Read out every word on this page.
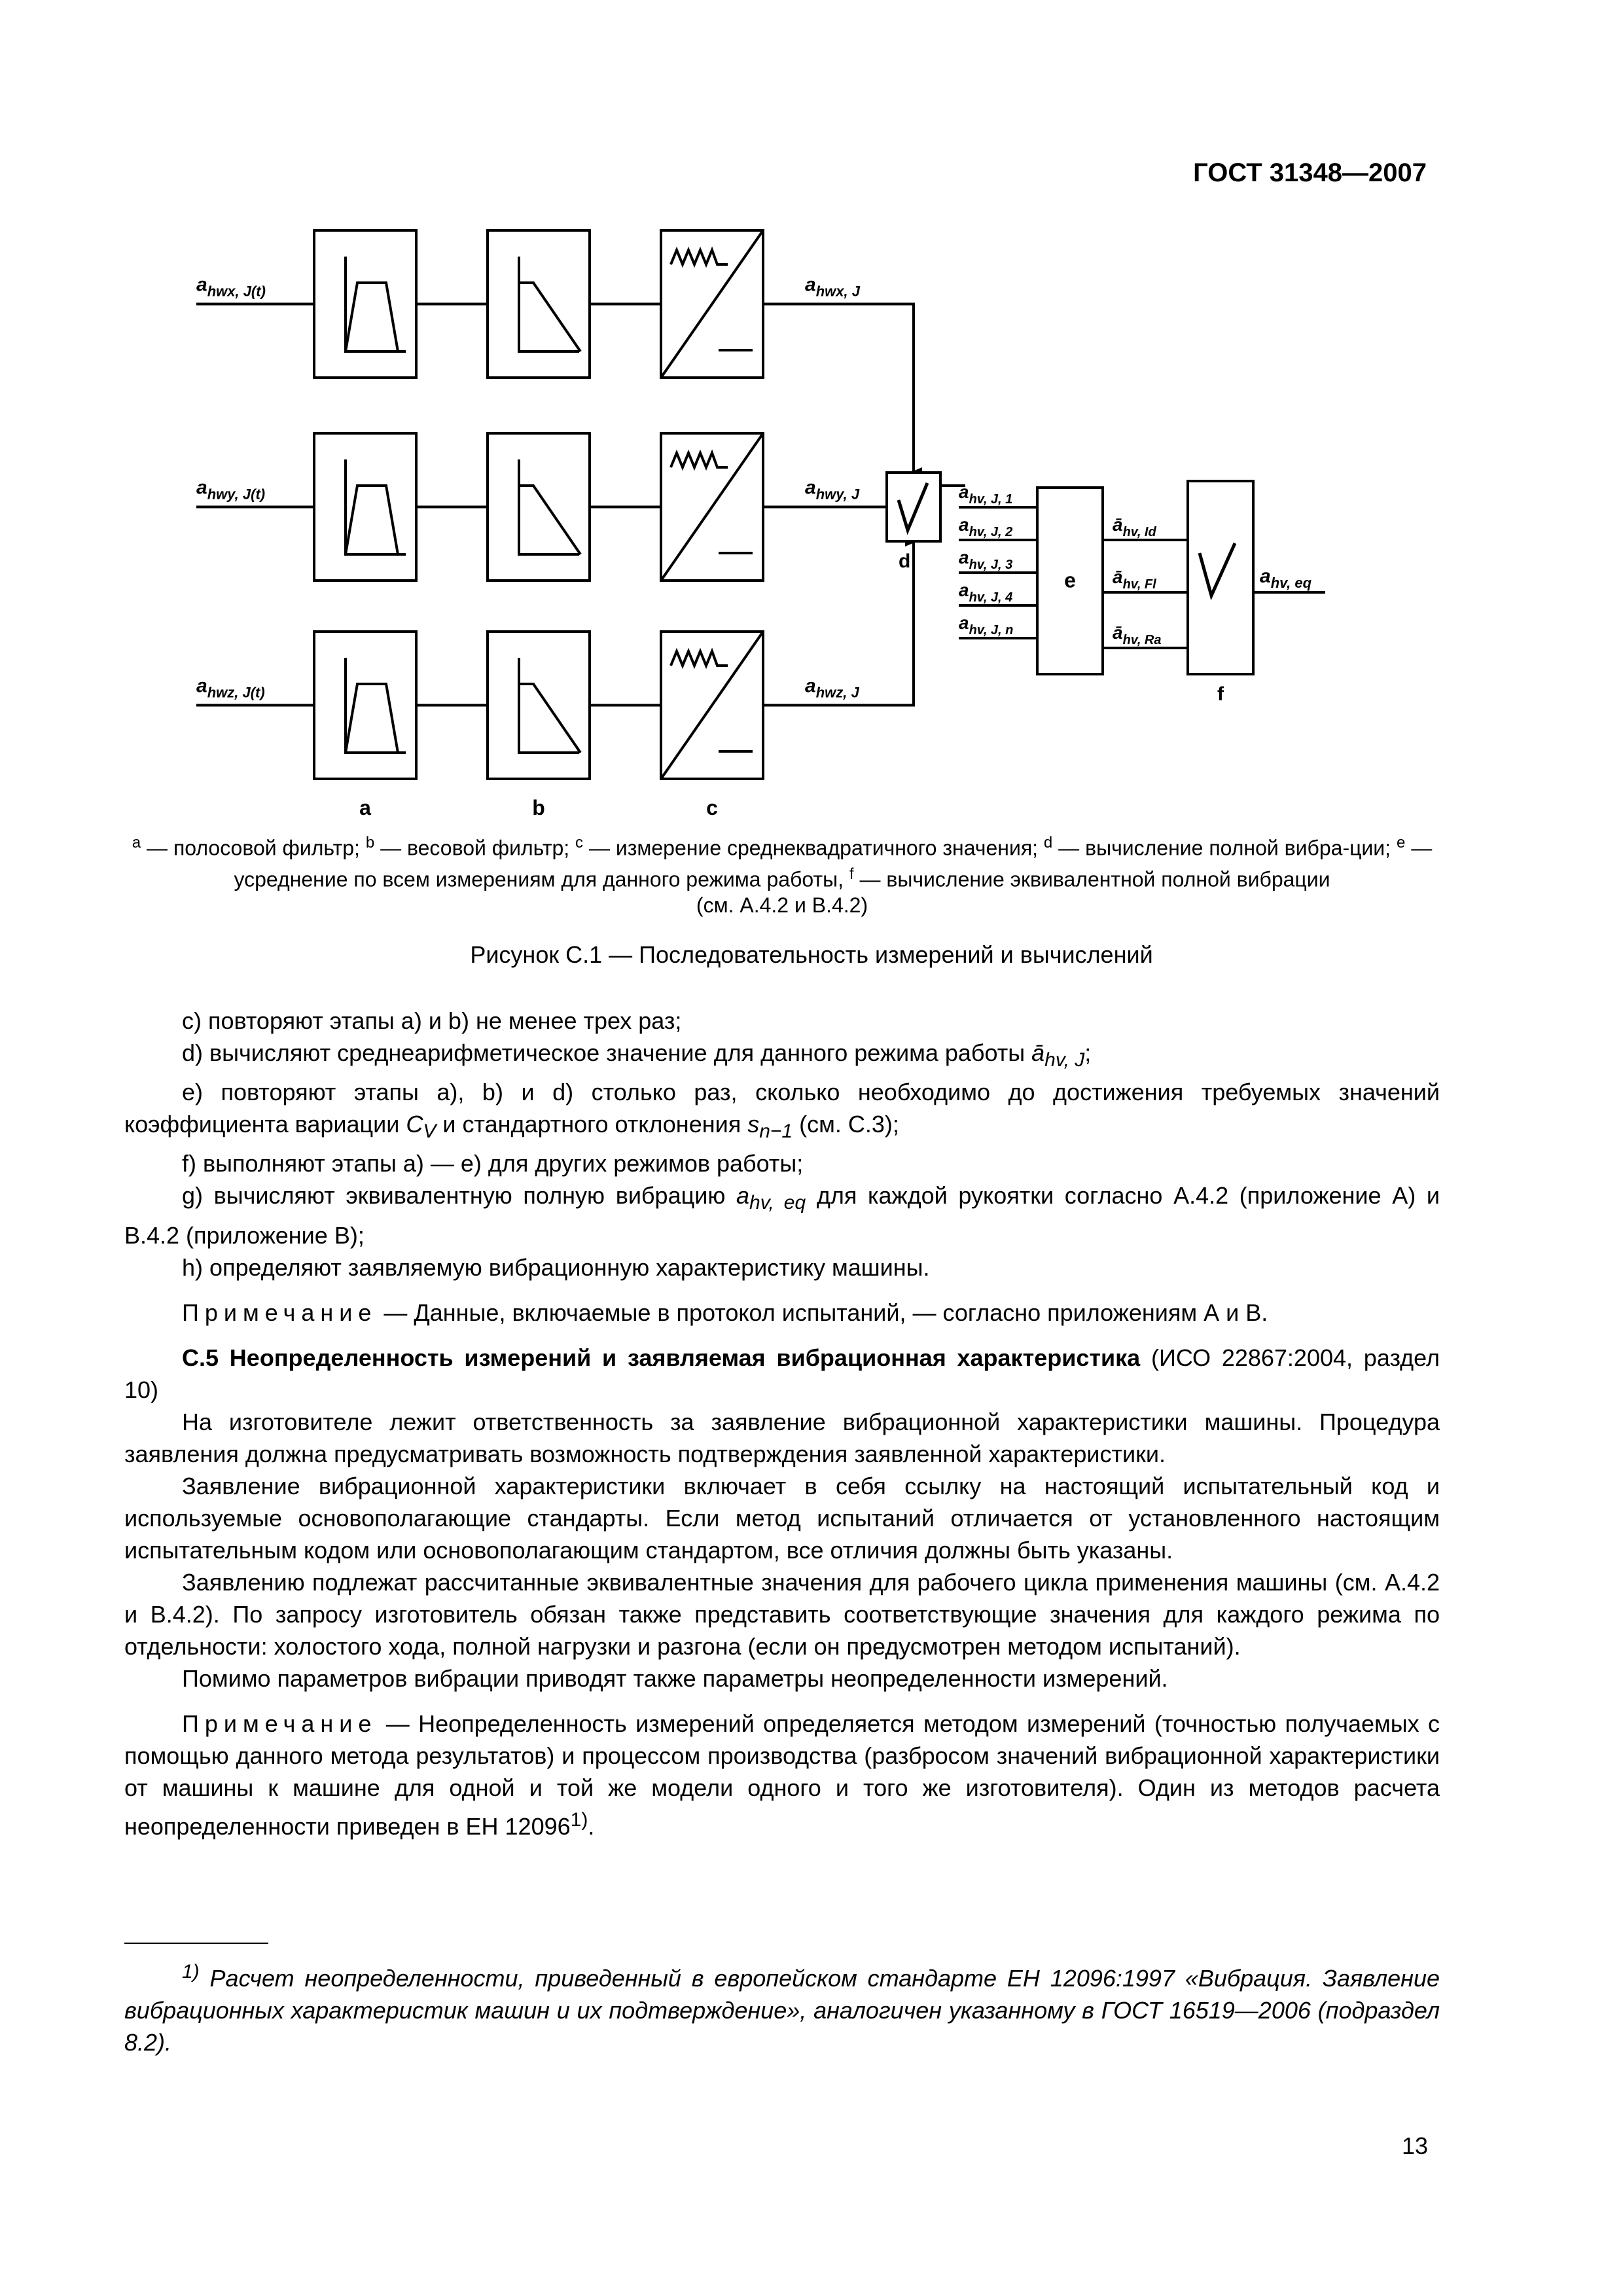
ГОСТ 31348—2007
$a_{hwx, J(t)}$	$a_{hwx, J}$
$a_{hwy, J(t)}$	$a_{hwy, J}$
$a_{hwz, J(t)}$	$a_{hwz, J}$
a	b	c
d
$a_{hv, J, 1}$
$a_{hv, J, 2}$
$a_{hv, J, 3}$
$a_{hv, J, 4}$
$a_{hv, J, n}$
e
$ā_{hv, Id}$
$ā_{hv, Fl}$
$ā_{hv, Ra}$
f
$a_{hv, eq}$
$^a$ — полосовой фильтр; $^b$ — весовой фильтр; $^c$ — измерение среднеквадратичного значения; $^d$ — вычисление полной вибра-ции; $^e$ — усреднение по всем измерениям для данного режима работы, $^f$ — вычисление эквивалентной полной вибрации
(см. А.4.2 и В.4.2)
Рисунок С.1 — Последовательность измерений и вычислений

c) повторяют этапы а) и b) не менее трех раз;

d) вычисляют среднеарифметическое значение для данного режима работы $ā_{hv, J}$;

e) повторяют этапы а), b) и d) столько раз, сколько необходимо до достижения требуемых значений коэффициента вариации $C_V$ и стандартного отклонения $s_{n-1}$ (см. С.3);

f) выполняют этапы а) — е) для других режимов работы;

g) вычисляют эквивалентную полную вибрацию $a_{hv, eq}$ для каждой рукоятки согласно А.4.2 (приложение А) и В.4.2 (приложение В);

h) определяют заявляемую вибрационную характеристику машины.

Примечание — Данные, включаемые в протокол испытаний, — согласно приложениям А и В.

С.5 Неопределенность измерений и заявляемая вибрационная характеристика (ИСО 22867:2004, раздел 10)

На изготовителе лежит ответственность за заявление вибрационной характеристики машины. Процедура заявления должна предусматривать возможность подтверждения заявленной характеристики.

Заявление вибрационной характеристики включает в себя ссылку на настоящий испытательный код и используемые основополагающие стандарты. Если метод испытаний отличается от установленного настоящим испытательным кодом или основополагающим стандартом, все отличия должны быть указаны.

Заявлению подлежат рассчитанные эквивалентные значения для рабочего цикла применения машины (см. А.4.2 и В.4.2). По запросу изготовитель обязан также представить соответствующие значения для каждого режима по отдельности: холостого хода, полной нагрузки и разгона (если он предусмотрен методом испытаний).

Помимо параметров вибрации приводят также параметры неопределенности измерений.

Примечание — Неопределенность измерений определяется методом измерений (точностью получаемых с помощью данного метода результатов) и процессом производства (разбросом значений вибрационной характеристики от машины к машине для одной и той же модели одного и того же изготовителя). Один из методов расчета неопределенности приведен в ЕН 12096$^{1)}$.

$^{1)}$ Расчет неопределенности, приведенный в европейском стандарте ЕН 12096:1997 «Вибрация. Заявление вибрационных характеристик машин и их подтверждение», аналогичен указанному в ГОСТ 16519—2006 (подраздел 8.2).

13
